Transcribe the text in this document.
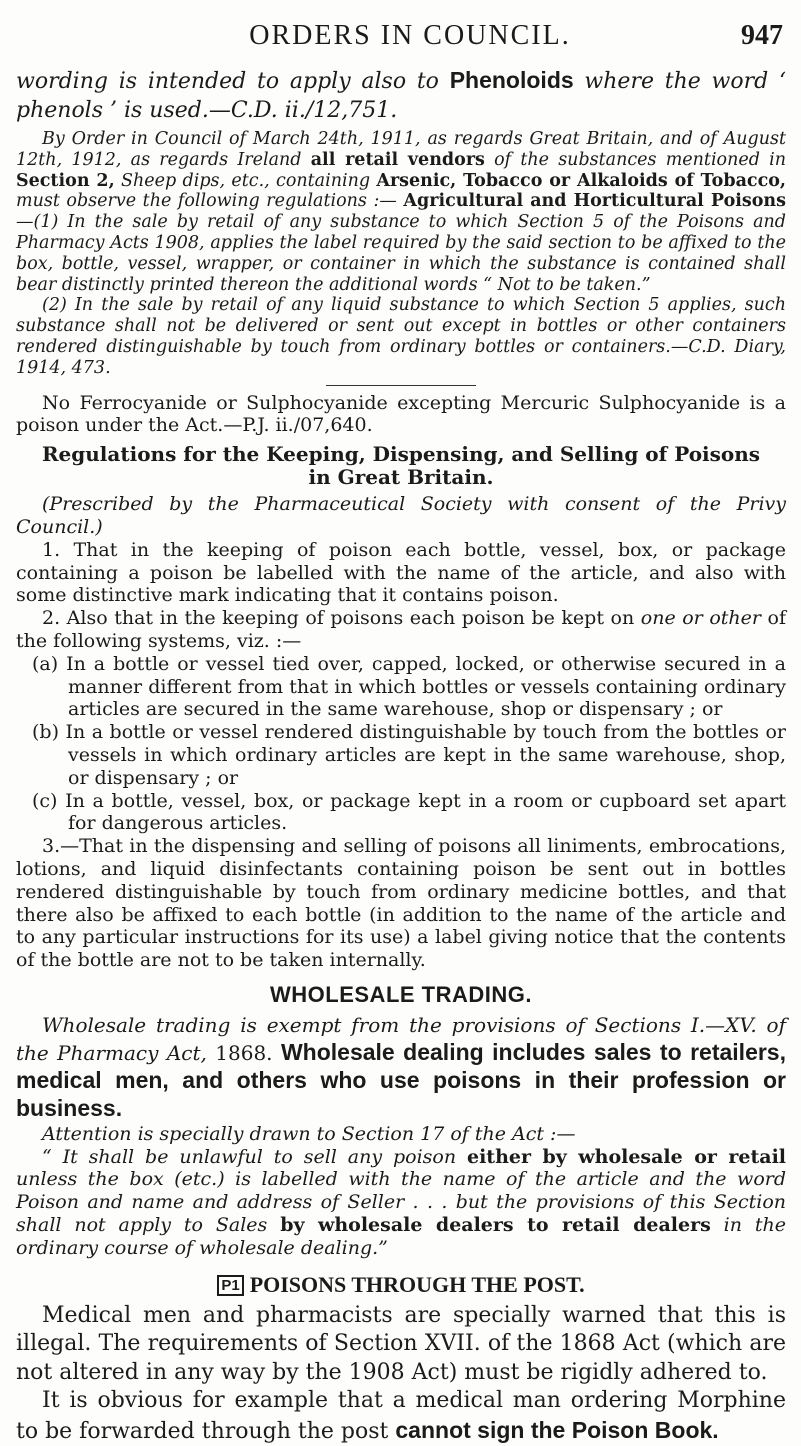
ORDERS IN COUNCIL.	947

wording is intended to apply also to Phenoloids where the word ‘ phenols ’ is used.—C.D. ii./12,751.

By Order in Council of March 24th, 1911, as regards Great Britain, and of August 12th, 1912, as regards Ireland all retail vendors of the substances mentioned in Section 2, Sheep dips, etc., containing Arsenic, Tobacco or Alkaloids of Tobacco, must observe the following regulations :— Agricultural and Horticultural Poisons—(1) In the sale by retail of any substance to which Section 5 of the Poisons and Pharmacy Acts 1908, applies the label required by the said section to be affixed to the box, bottle, vessel, wrapper, or container in which the substance is contained shall bear distinctly printed thereon the additional words “ Not to be taken.”

(2) In the sale by retail of any liquid substance to which Section 5 applies, such substance shall not be delivered or sent out except in bottles or other containers rendered distinguishable by touch from ordinary bottles or containers.—C.D. Diary, 1914, 473.

No Ferrocyanide or Sulphocyanide excepting Mercuric Sulphocyanide is a poison under the Act.—P.J. ii./07,640.

Regulations for the Keeping, Dispensing, and Selling of Poisons
in Great Britain.

(Prescribed by the Pharmaceutical Society with consent of the Privy Council.)

1. That in the keeping of poison each bottle, vessel, box, or package containing a poison be labelled with the name of the article, and also with some distinctive mark indicating that it contains poison.

2. Also that in the keeping of poisons each poison be kept on one or other of the following systems, viz. :—

(a) In a bottle or vessel tied over, capped, locked, or otherwise secured in a manner different from that in which bottles or vessels containing ordinary articles are secured in the same warehouse, shop or dispensary ; or

(b) In a bottle or vessel rendered distinguishable by touch from the bottles or vessels in which ordinary articles are kept in the same warehouse, shop, or dispensary ; or

(c) In a bottle, vessel, box, or package kept in a room or cupboard set apart for dangerous articles.

3.—That in the dispensing and selling of poisons all liniments, embrocations, lotions, and liquid disinfectants containing poison be sent out in bottles rendered distinguishable by touch from ordinary medicine bottles, and that there also be affixed to each bottle (in addition to the name of the article and to any particular instructions for its use) a label giving notice that the contents of the bottle are not to be taken internally.

WHOLESALE TRADING.

Wholesale trading is exempt from the provisions of Sections I.—XV. of the Pharmacy Act, 1868. Wholesale dealing includes sales to retailers, medical men, and others who use poisons in their profession or business.

Attention is specially drawn to Section 17 of the Act :—

“ It shall be unlawful to sell any poison either by wholesale or retail unless the box (etc.) is labelled with the name of the article and the word Poison and name and address of Seller . . . but the provisions of this Section shall not apply to Sales by wholesale dealers to retail dealers in the ordinary course of wholesale dealing.”

P1 POISONS THROUGH THE POST.

Medical men and pharmacists are specially warned that this is illegal. The requirements of Section XVII. of the 1868 Act (which are not altered in any way by the 1908 Act) must be rigidly adhered to.

It is obvious for example that a medical man ordering Morphine to be forwarded through the post cannot sign the Poison Book.
